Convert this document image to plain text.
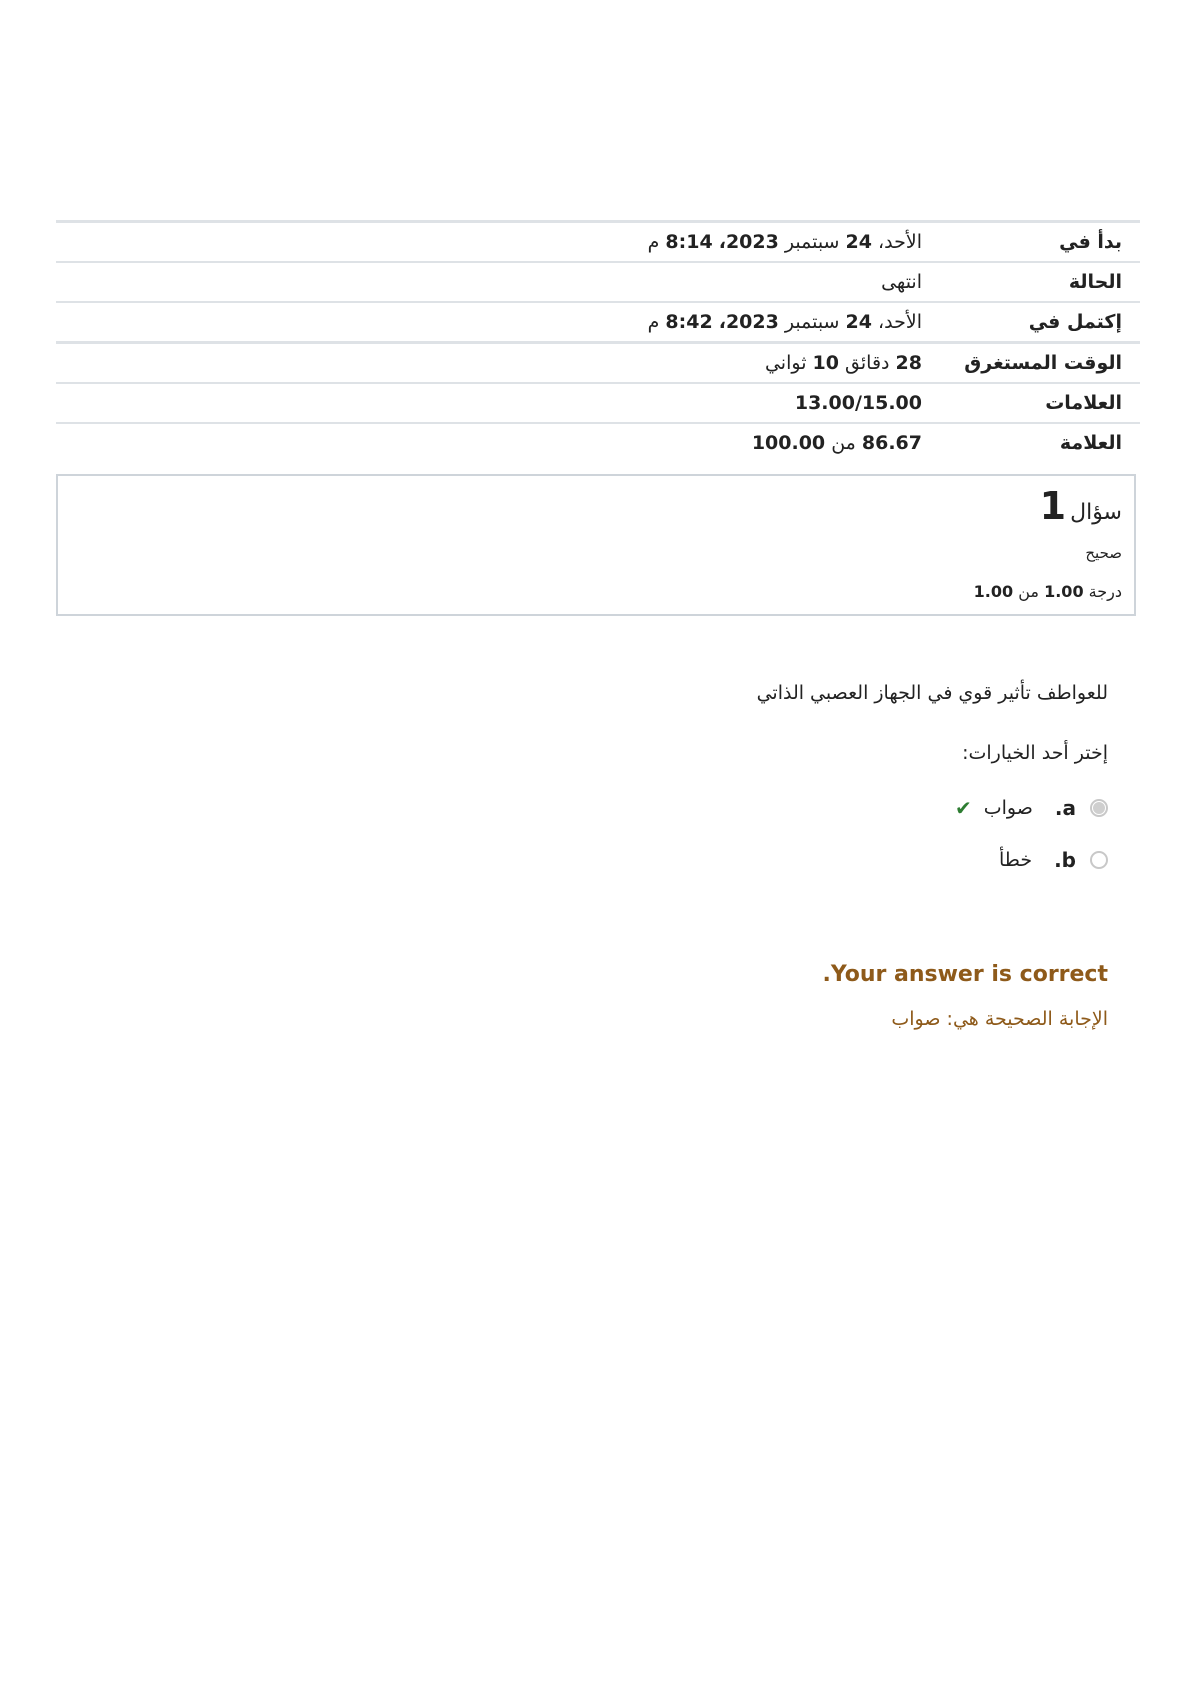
بدأ في
الأحد، 24 سبتمبر 2023، 8:14 م
الحالة
انتهى
إكتمل في
الأحد، 24 سبتمبر 2023، 8:42 م
الوقت المستغرق
28 دقائق 10 ثواني
العلامات
13.00/15.00
العلامة
86.67 من 100.00
سؤال1
صحيح
درجة 1.00 من 1.00
للعواطف تأثير قوي في الجهاز العصبي الذاتي
إختر أحد الخيارات:
a.
صواب
✔
b.
خطأ
Your answer is correct.
الإجابة الصحيحة هي: صواب
